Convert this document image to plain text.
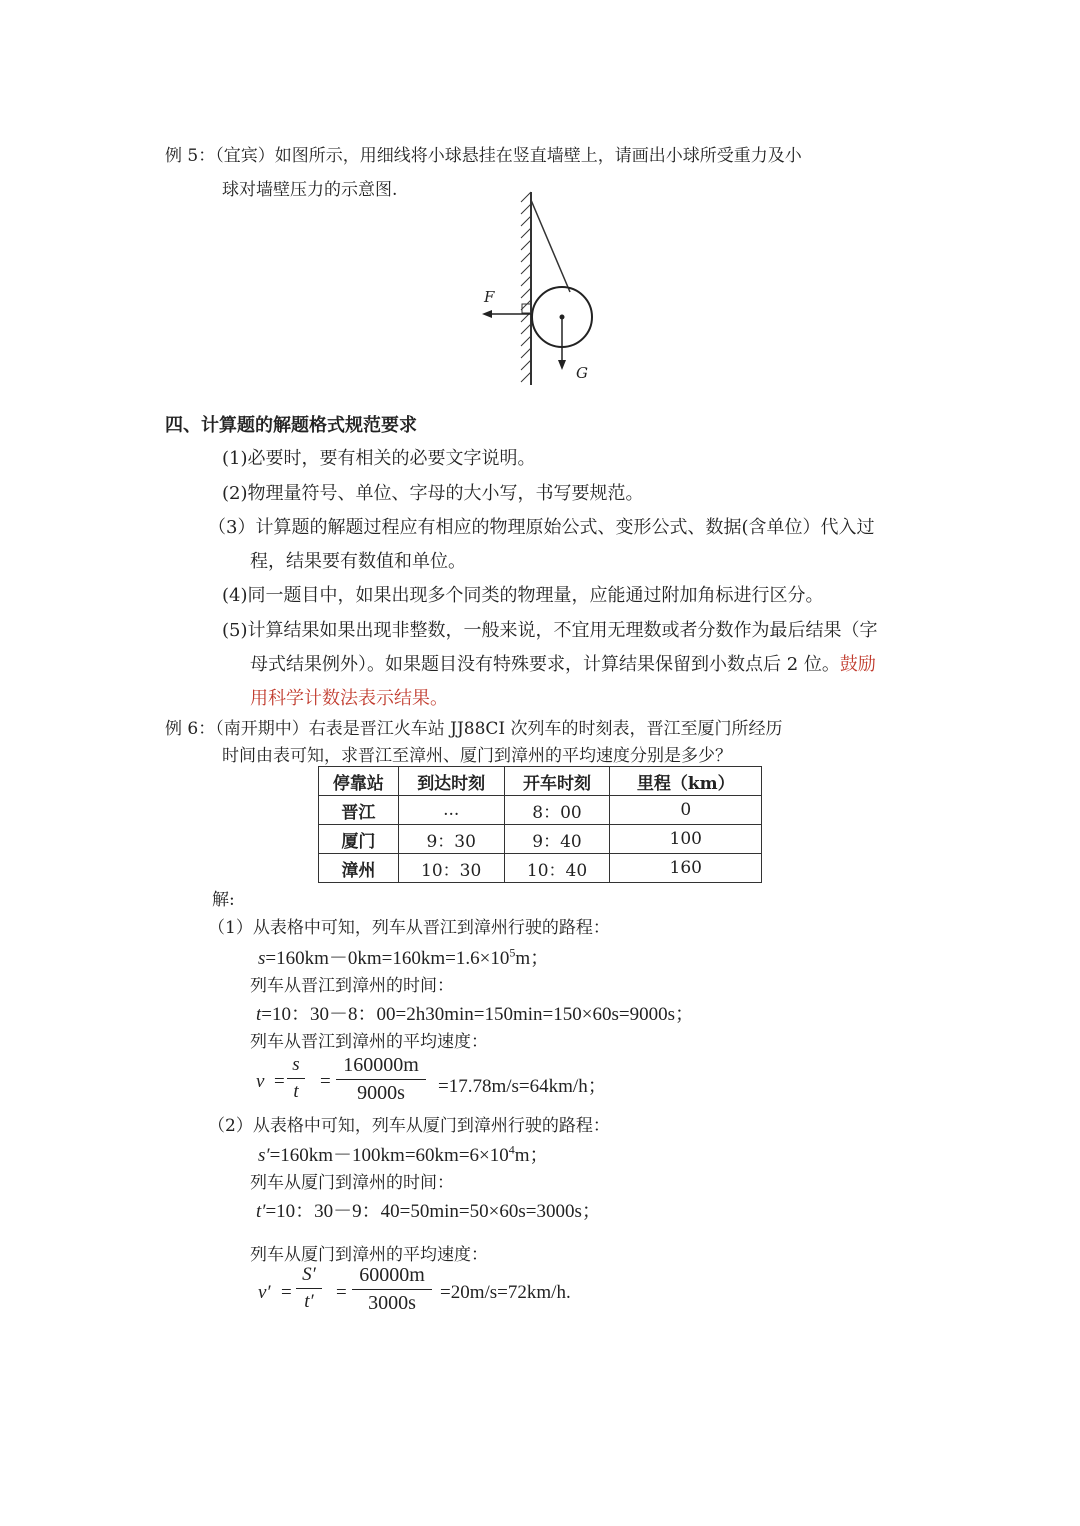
例 5：（宜宾）如图所示，用细线将小球悬挂在竖直墙壁上，请画出小球所受重力及小
球对墙壁压力的示意图.
F
G
四、计算题的解题格式规范要求
(1)必要时，要有相关的必要文字说明。
(2)物理量符号、单位、字母的大小写，书写要规范。
（3）计算题的解题过程应有相应的物理原始公式、变形公式、数据(含单位）代入过
程，结果要有数值和单位。
(4)同一题目中，如果出现多个同类的物理量，应能通过附加角标进行区分。
(5)计算结果如果出现非整数，一般来说，不宜用无理数或者分数作为最后结果（字
母式结果例外）。如果题目没有特殊要求，计算结果保留到小数点后 2 位。鼓励
用科学计数法表示结果。
例 6：（南开期中）右表是晋江火车站 JJ88CI 次列车的时刻表，晋江至厦门所经历
时间由表可知，求晋江至漳州、厦门到漳州的平均速度分别是多少？
停靠站	到达时刻	开车时刻	里程（km）
晋江	...	8：00	0
厦门	9：30	9：40	100
漳州	10：30	10：40	160
解:
（1）从表格中可知，列车从晋江到漳州行驶的路程：
$s=160km-0km=160km=1.6\times 10^5m$；
列车从晋江到漳州的时间：
t=10：30－8：00=2h30min=150min=150×60s=9000s；
列车从晋江到漳州的平均速度：
v =
s
t	=
160000m
9000s	=17.78m/s=64km/h；
（2）从表格中可知，列车从厦门到漳州行驶的路程：
$s'=160km-100km=60km=6\times 10^4m$；
列车从厦门到漳州的时间：
t′=10：30－9：40=50min=50×60s=3000s；
列车从厦门到漳州的平均速度：
v′ =
S′
t′	=
60000m
3000s	=20m/s=72km/h.
